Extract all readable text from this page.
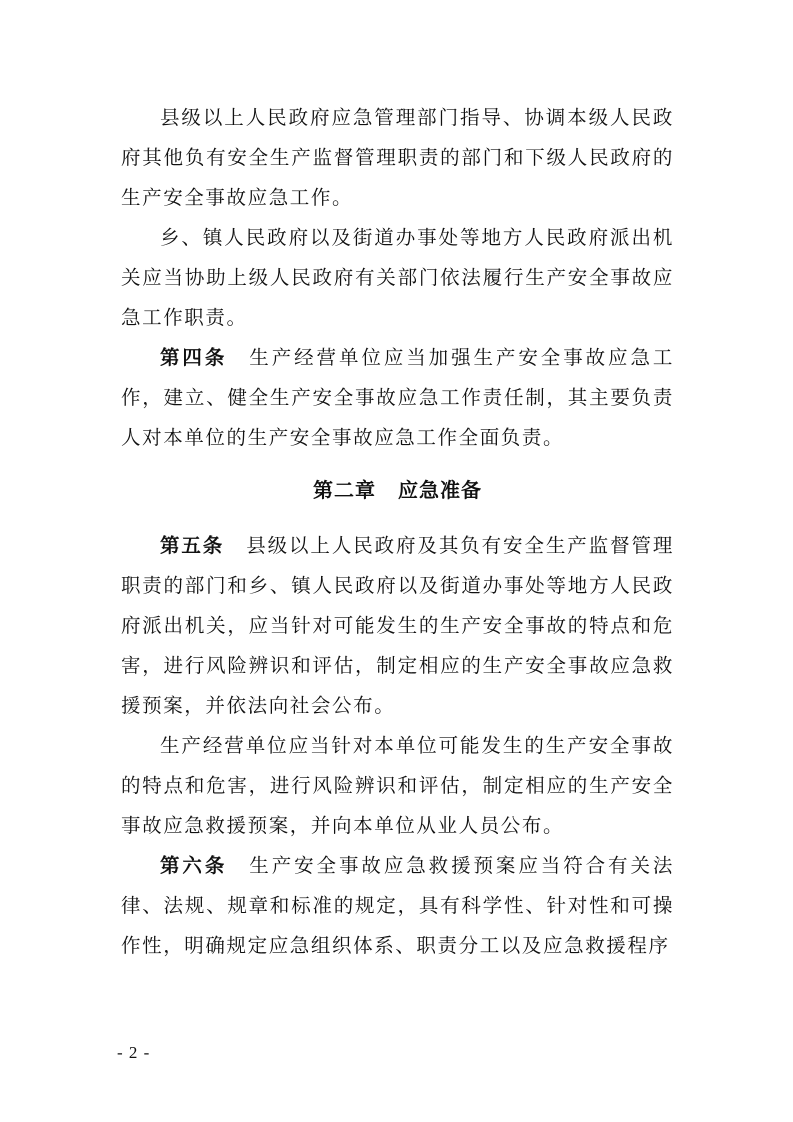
县级以上人民政府应急管理部门指导、协调本级人民政府其他负有安全生产监督管理职责的部门和下级人民政府的生产安全事故应急工作。

乡、镇人民政府以及街道办事处等地方人民政府派出机关应当协助上级人民政府有关部门依法履行生产安全事故应急工作职责。

第四条 生产经营单位应当加强生产安全事故应急工作，建立、健全生产安全事故应急工作责任制，其主要负责人对本单位的生产安全事故应急工作全面负责。

第二章 应急准备

第五条 县级以上人民政府及其负有安全生产监督管理职责的部门和乡、镇人民政府以及街道办事处等地方人民政府派出机关，应当针对可能发生的生产安全事故的特点和危害，进行风险辨识和评估，制定相应的生产安全事故应急救援预案，并依法向社会公布。

生产经营单位应当针对本单位可能发生的生产安全事故的特点和危害，进行风险辨识和评估，制定相应的生产安全事故应急救援预案，并向本单位从业人员公布。

第六条 生产安全事故应急救援预案应当符合有关法律、法规、规章和标准的规定，具有科学性、针对性和可操作性，明确规定应急组织体系、职责分工以及应急救援程序

- 2 -
